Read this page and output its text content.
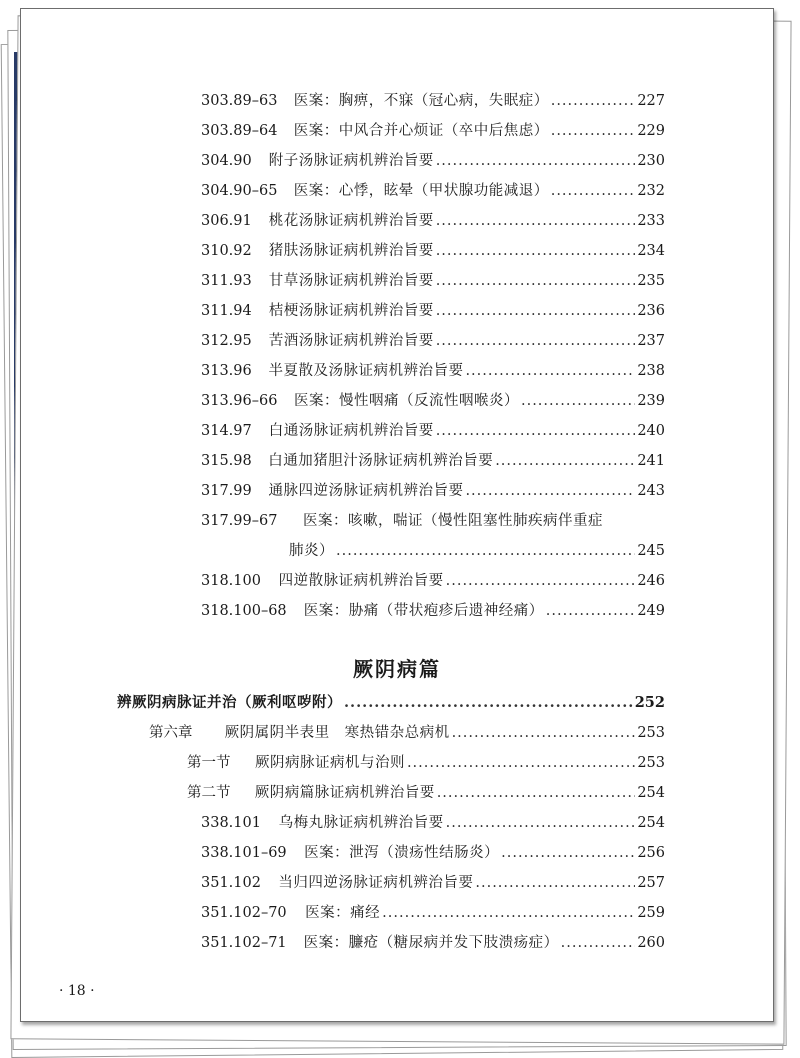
303.89–63	医案：胸痹，不寐（冠心病，失眠症） .....	227
303.89–64	医案：中风合并心烦证（卒中后焦虑） .....	229
304.90	附子汤脉证病机辨治旨要 .....	230
304.90–65	医案：心悸，眩晕（甲状腺功能减退） .....	232
306.91	桃花汤脉证病机辨治旨要 .....	233
310.92	猪肤汤脉证病机辨治旨要 .....	234
311.93	甘草汤脉证病机辨治旨要 .....	235
311.94	桔梗汤脉证病机辨治旨要 .....	236
312.95	苦酒汤脉证病机辨治旨要 .....	237
313.96	半夏散及汤脉证病机辨治旨要 .....	238
313.96–66	医案：慢性咽痛（反流性咽喉炎） .....	239
314.97	白通汤脉证病机辨治旨要 .....	240
315.98	白通加猪胆汁汤脉证病机辨治旨要 .....	241
317.99	通脉四逆汤脉证病机辨治旨要 .....	243
317.99–67	医案：咳嗽，喘证（慢性阻塞性肺疾病伴重症
肺炎） .....	245
318.100	四逆散脉证病机辨治旨要 .....	246
318.100–68	医案：胁痛（带状疱疹后遗神经痛） .....	249
厥阴病篇
辨厥阴病脉证并治（厥利呕哕附） .....	252
第六章	厥阴属阴半表里　寒热错杂总病机 .....	253
第一节	厥阴病脉证病机与治则 .....	253
第二节	厥阴病篇脉证病机辨治旨要 .....	254
338.101	乌梅丸脉证病机辨治旨要 .....	254
338.101–69	医案：泄泻（溃疡性结肠炎） .....	256
351.102	当归四逆汤脉证病机辨治旨要 .....	257
351.102–70	医案：痛经 .....	259
351.102–71	医案：臁疮（糖尿病并发下肢溃疡症） .....	260
· 18 ·
